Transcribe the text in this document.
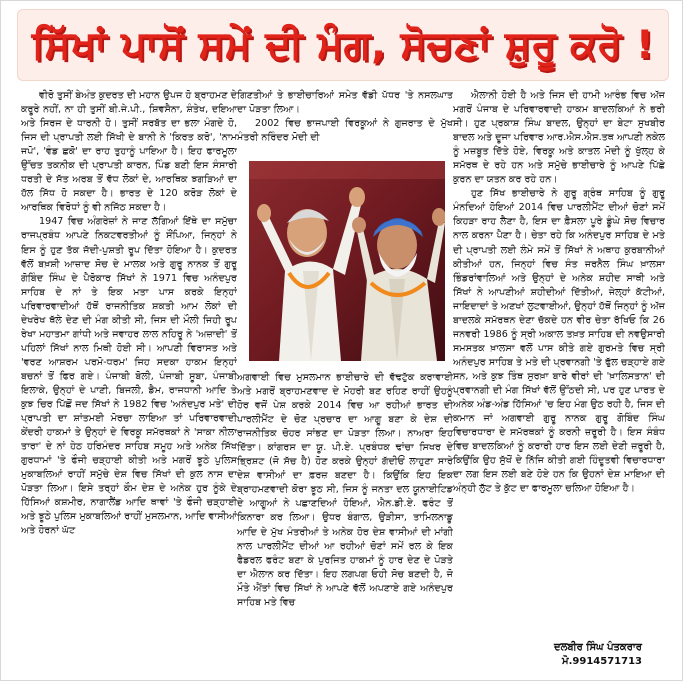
ਸਿੱਖਾਂ ਪਾਸੋਂ ਸਮੇਂ ਦੀ ਮੰਗ, ਸੋਚਣਾਂ ਸ਼ੁਰੂ ਕਰੋ !

ਵੀਰੋ ਤੁਸੀਂ ਬੇਅੰਤ ਕੁਦਰਤ ਦੀ ਮਹਾਨ ਉਪਜ ਹੋ ਬ੍ਰਾਹਮਣ ਦੇ ਕਰੂਰੇ ਨਹੀਂ, ਨਾ ਹੀ ਤੁਸੀਂ ਬੀ.ਜੇ.ਪੀ., ਸ਼ਿਵਸੈਨਾ, ਸ਼ੰਤੇਖ, ਦਇਆ ਅਤੇ ਸਿਰਜ ਦੇ ਧਾਰਨੀ ਹੋ। ਤੁਸੀਂ ਸਰਬੱਤ ਦਾ ਭਲਾ ਮੰਗਦੇ ਹੋ, ਜਿਸ ਦੀ ਪ੍ਰਾਪਤੀ ਲਈ ਸਿੱਖੀ ਦੇ ਬਾਨੀ ਨੇ 'ਕਿਰਤ ਕਰੋ', 'ਨਾਮ ਜਪੋ', 'ਵੰਡ ਛਕੋ' ਦਾ ਰਾਹ ਤੁਹਾਨੂੰ ਪਾਇਆ ਹੈ। ਇਹ ਫਾਰਮੂਲਾ ਉੱਚਤ ਤਕਨੀਕ ਦੀ ਪ੍ਰਾਪਤੀ ਕਾਰਨ, ਪਿੰਡ ਬਣੀ ਇਸ ਸੰਸਾਰੀ ਧਰਤੀ ਦੇ ਸੱਤ ਅਰਬ ਤੋਂ ਵੱਧ ਲੋਕਾਂ ਦੇ, ਆਰਥਿਕ ਝਗੜਿਆਂ ਦਾ ਹੱਲ ਸਿੱਧ ਹੋ ਸਕਦਾ ਹੈ। ਭਾਰਤ ਦੇ 120 ਕਰੋੜ ਲੋਕਾਂ ਦੇ ਆਰਥਿਕ ਵਿਰੋਧਾਂ ਨੂੰ ਵੀ ਨਜਿੱਠ ਸਕਦਾ ਹੈ।

1947 ਵਿਚ ਅੰਗਰੇਜ਼ਾਂ ਨੇ ਜਾਣ ਲੱਗਿਆਂ ਇੱਥੇ ਦਾ ਸਮੁੱਚਾ ਰਾਜਪ੍ਰਬੰਧ ਆਪਣੇ ਨਿਕਟਵਰਤੀਆਂ ਨੂੰ ਸੌਂਪਿਆ, ਜਿਨ੍ਹਾਂ ਨੇ ਇਸ ਨੂੰ ਹੁਣ ਤੱਕ ਜੱਦੀ-ਪੁਸ਼ਤੀ ਰੂਪ ਦਿੱਤਾ ਹੋਇਆ ਹੈ। ਕੁਦਰਤ ਵੱਲੋਂ ਬਖ਼ਸ਼ੀ ਆਜ਼ਾਦ ਸੋਚ ਦੇ ਮਾਲਕ ਅਤੇ ਗੁਰੂ ਨਾਨਕ ਤੋਂ ਗੁਰੂ ਗੋਬਿੰਦ ਸਿੰਘ ਦੇ ਪੈਰੋਕਾਰ ਸਿੱਖਾਂ ਨੇ 1971 ਵਿਚ ਅਨੰਦਪੁਰ ਸਾਹਿਬ ਦੇ ਨਾਂ ਤੇ ਇਕ ਮਤਾ ਪਾਸ ਕਰਕੇ ਇਨ੍ਹਾਂ ਪਰਿਵਾਰਵਾਦੀਆਂ ਹੱਥੋਂ ਰਾਜਨੀਤਿਕ ਸ਼ਕਤੀ ਆਮ ਲੋਕਾਂ ਦੀ ਦੇਖਰੇਖ ਥੱਲੇ ਦੇਣ ਦੀ ਮੰਗ ਕੀਤੀ ਸੀ, ਜਿਸ ਦੀ ਮੌਲੀ ਜਿਹੀ ਰੂਪ ਰੇਖਾ ਮਹਾਤਮਾ ਗਾਂਧੀ ਅਤੇ ਜਵਾਹਰ ਲਾਲ ਨਹਿਰੂ ਨੇ 'ਅਜ਼ਾਦੀ' ਤੋਂ ਪਹਿਲਾਂ ਸਿੱਖਾਂ ਨਾਲ ਮਿਥੀ ਹੋਈ ਸੀ। ਆਪਣੀ ਵਿਰਾਸਤ ਅਤੇ 'ਵਰਣ ਆਸ਼ਰਮ ਪਰਮੋ-ਧਰਮ' ਜਿਹ ਸਦਕਾ ਹਾਕਮ ਇਨ੍ਹਾਂ ਬਚਨਾਂ ਤੋਂ ਫਿਰ ਗਏ। ਪੰਜਾਬੀ ਬੋਲੀ, ਪੰਜਾਬੀ ਸੂਬਾ, ਪੰਜਾਬੀ ਇਲਾਕੇ, ਉਨ੍ਹਾਂ ਦੇ ਪਾਣੀ, ਬਿਜਲੀ, ਡੈਮ, ਰਾਜਧਾਨੀ ਆਦਿ ਤੇ ਕੁਝ ਚਿਰ ਪਿੱਛੋਂ ਜਦ ਸਿੱਖਾਂ ਨੇ 1982 ਵਿਚ 'ਅਨੰਦਪੁਰ ਮਤੇ' ਦੀ ਪ੍ਰਾਪਤੀ ਦਾ ਸ਼ਾਂਤਮਈ ਮੋਰਚਾ ਲਾਇਆ ਤਾਂ ਪਰਿਵਾਰਵਾਦੀ ਕੇਂਦਰੀ ਹਾਕਮਾਂ ਤੇ ਉਨ੍ਹਾਂ ਦੇ ਵਿਰਕੂ ਸਮੱਰਥਕਾਂ ਨੇ 'ਸਾਕਾ ਨੀਲਾ ਤਾਰਾ' ਦੇ ਨਾਂ ਹੇਠ ਹਰਿਮੰਦਰ ਸਾਹਿਬ ਸਮੂਹ ਅਤੇ ਅਨੇਕ ਸਿੱਖ ਗੁਰਧਾਮਾਂ 'ਤੇ ਫੌਜੀ ਚੜ੍ਹਾਈ ਕੀਤੀ ਅਤੇ ਮਗਰੋਂ ਝੂਠੇ ਪੁਲਿਸ ਮੁਕਾਬਲਿਆਂ ਰਾਹੀਂ ਸਮੁੱਚੇ ਦੇਸ਼ ਵਿਚ ਸਿੱਖਾਂ ਦੀ ਕੁਲ ਨਾਸ ਦਾ ਪੋੜਤਾ ਲਿਆ। ਇਸੇ ਤਰ੍ਹਾਂ ਕੌਮ ਦੇਸ਼ ਦੇ ਅਨੇਕ ਹੁਰ ਨੂੰਕੇ ਦੇ ਹਿੱਸਿਆਂ ਕਸ਼ਮੀਰ, ਨਾਗਾਲੈਂਡ ਆਦਿ ਥਾਵਾਂ 'ਤੇ ਫੌਜੀ ਚੜ੍ਹਾਈ ਅਤੇ ਝੂਠੇ ਪੁਲਿਸ ਮੁਕਾਬਲਿਆਂ ਰਾਹੀਂ ਮੁਸਲਮਾਨ, ਆਦਿ ਵਾਸੀਆਂ ਅਤੇ ਹੋਰਨਾਂ ਘੱਟ

ਗਿਣਤੀਆਂ ਤੇ ਭਾਈਚਾਰਿਆਂ ਸਮੇਤ ਵੱਡੀ ਪੱਧਰ 'ਤੇ ਨਸਲਘਾਤ ਦਾ ਪੋੜਤਾ ਲਿਆ।

2002 ਵਿਚ ਭਾਜਪਾਈ ਵਿਰਕੂਆਂ ਨੇ ਗੁਜਰਾਤ ਦੇ ਮੁੱਖ ਮੰਤਰੀ ਨਰਿੰਦਰ ਮੋਦੀ ਦੀ

ਅਗਵਾਈ ਵਿਚ ਮੁਸਲਮਾਨ ਭਾਈਚਾਰੇ ਦੀ ਵੱਢਟੁੱਕ ਕਰਾਵਾਈ ਅਤੇ ਮਗਰੋਂ ਬ੍ਰਾਹਮਣਵਾਦ ਦੇ ਮੋਹਰੀ ਬਣ ਰਹਿਣ ਰਾਹੀਂ ਉਹਨੂੰ ਹੋਰ ਵਜੋਂ ਪੇਸ਼ ਕਰਕੇ 2014 ਵਿਚ ਆ ਰਹੀਆਂ ਭਾਰਤ ਦੀ ਪਾਰਲੀਮੈਂਟ ਦੇ ਚੋਣ ਪ੍ਰਚਾਰ ਦਾ ਆਗੂ ਬਣਾ ਕੇ ਦੇਸ਼ ਦੀ ਰਾਜਨੀਤਿਕ ਚੋਹਰ ਸਾਂਭਣ ਦਾ ਪੋੜਤਾ ਲਿਆ। ਨਾਅਰਾ ਇਹ ਦਿੱਤਾ। ਕਾਂਗਰਸ ਦਾ ਯੂ. ਪੀ.ਏ. ਪ੍ਰਬੰਧਕ ਢਾਂਚਾ ਸਿਖਰ ਦੇ ਭ੍ਰਿਸ਼ਟ (ਜੋ ਸੱਚ ਹੈ) ਹੋਣ ਕਰਕੇ ਉਨ੍ਹਾਂ ਗੱਦੀਓਂ ਲਾਹੁਣਾ ਸਾਰੇ ਦੇਸ਼ ਵਾਸੀਆਂ ਦਾ ਫ਼ਰਜ਼ ਬਣਦਾ ਹੈ। ਕਿਉਂਕਿ ਇਹ ਇਕ ਬ੍ਰਾਹਮਣਵਾਦੀ ਕੋਰਾ ਝੂਠ ਸੀ, ਜਿਸ ਨੂੰ ਜਨਤਾ ਦਲ ਯੂਨਾਈਟਿਡ ਦੇ ਆਗੂਆਂ ਨੇ ਪਛਾਣਦਿਆਂ ਹੋਇਆਂ, ਐਨ.ਡੀ.ਏ. ਫਰੰਟ ਤੋਂ ਕਿਨਾਰਾ ਕਰ ਲਿਆ। ਉਧਰ ਬੰਗਾਲ, ਉੜੀਸਾ, ਤਾਮਿਲਨਾਡੂ ਆਦਿ ਦੇ ਮੁੱਖ ਮੰਤਰੀਆਂ ਤੇ ਅਨੇਕ ਹੋਰ ਦੇਸ਼ ਵਾਸੀਆਂ ਦੀ ਮਾਂਗੀ ਨਾਲ ਪਾਰਲੀਮੈਂਟ ਦੀਆਂ ਆ ਰਹੀਆਂ ਚੋਣਾਂ ਸਮੇਂ ਰਲ ਕੇ ਇਕ ਫੈਡਰਲ ਫਰੰਟ ਬਣਾ ਕੇ ਪੁਰਜਿਤ ਹਾਕਮਾਂ ਨੂੰ ਹਾਰ ਦੇਣ ਦੇ ਪੋੜਤੇ ਦਾ ਐਲਾਨ ਕਰ ਦਿੱਤਾ। ਇਹ ਲਗਪਗ ਓਹੀ ਸੋਚ ਬਣਦੀ ਹੈ, ਜੋ ਮੌਤੇ ਐਂਤਾਂ ਵਿਚ ਸਿੱਖਾਂ ਨੇ ਆਪਣੇ ਵੱਲੋਂ ਅਪਣਾਏ ਗਏ ਅਨੰਦਪੁਰ ਸਾਹਿਬ ਮਤੇ ਵਿਚ

ਐਲਾਨੀ ਹੋਈ ਹੈ ਅਤੇ ਜਿਸ ਦੀ ਹਾਮੀ ਆਰੰਭ ਵਿਚ ਅੱਜ ਮਗਰੋਂ ਪੰਜਾਬ ਦੇ ਪਰਿਵਾਰਵਾਦੀ ਹਾਕਮ ਬਾਦਲਕਿਆਂ ਨੇ ਭਰੀ ਸੀ। ਹੁਣ ਪ੍ਰਕਾਸ਼ ਸਿੰਘ ਬਾਦਲ, ਉਨ੍ਹਾਂ ਦਾ ਬੇਟਾ ਸੁਖਬੀਰ ਬਾਦਲ ਅਤੇ ਦੂਜਾ ਪਰਿਵਾਰ ਆਰ.ਐਸ.ਐਸ.ਤਥ ਆਪਣੀ ਨਕੇਲ ਨੂੰ ਮਜ਼ਬੂਤ ਦਿੱਤੇ ਹੋਏ, ਵਿਰਕੂ ਅਤੇ ਕਾਤਲ ਮੋਦੀ ਨੂੰ ਖੁੱਲ੍ਹ ਕੇ ਸਮੱਰਥ ਦੇ ਰਹੇ ਹਨ ਅਤੇ ਸਮੁੱਚੇ ਭਾਈਚਾਰੇ ਨੂੰ ਆਪਣੇ ਪਿੱਛੇ ਕੁਰਨ ਦਾ ਯਤਨ ਕਰ ਰਹੇ ਹਨ।

ਹੁਣ ਸਿੱਖ ਭਾਈਚਾਰੇ ਨੇ ਗੁਰੂ ਗ੍ਰੰਥ ਸਾਹਿਬ ਨੂੰ ਗੁਰੂ ਮੰਨਦਿਆਂ ਹੋਇਆਂ 2014 ਵਿਚ ਪਾਰਲੀਮੈਂਟ ਦੀਆਂ ਚੋਣਾਂ ਸਮੇਂ ਕਿਹੜਾ ਰਾਹ ਲੈਣਾ ਹੈ, ਇਸ ਦਾ ਫ਼ੈਸਲਾ ਪੂਰੇ ਡੂੰਘੇ ਸੋਚ ਵਿਚਾਰ ਨਾਲ ਕਰਨਾ ਪੈਣਾ ਹੈ। ਚੇਤਾ ਰਹੇ ਕਿ ਅਨੰਦਪੁਰ ਸਾਹਿਬ ਦੇ ਮਤੇ ਦੀ ਪ੍ਰਾਪਤੀ ਲਈ ਲੰਮੇ ਸਮੇਂ ਤੋਂ ਸਿੱਖਾਂ ਨੇ ਅਥਾਹ ਕੁਰਬਾਨੀਆਂ ਕੀਤੀਆਂ ਹਨ, ਜਿਨ੍ਹਾਂ ਵਿਚ ਸੰਤ ਜਰਨੈਲ ਸਿੰਘ ਖ਼ਾਲਸਾ ਭਿੰਡਰਾਂਵਾਲਿਆਂ ਅਤੇ ਉਨ੍ਹਾਂ ਦੇ ਅਨੇਕ ਸ਼ਹੀਦ ਸਾਥੀ ਅਤੇ ਸਿੱਖਾਂ ਨੇ ਆਪਣੀਆਂ ਸ਼ਹੀਦੀਆਂ ਦਿੱਤੀਆਂ, ਜੇਲ੍ਹਾਂ ਕੱਟੀਆਂ, ਜਾਇਦਾਦਾਂ ਤੇ ਅਣਖਾਂ ਲੁਟਵਾਈਆਂ, ਉਨ੍ਹਾਂ ਹੱਥੋਂ ਜਿਨ੍ਹਾਂ ਨੂੰ ਅੱਜ ਬਾਦਲਕੇ ਸਮੱਰਥਨ ਦੇਣਾ ਚੱਕਦੇ ਹਨ ਵੀਰ ਚੇਤਾ ਰੱਖਿਓ ਕਿ 26 ਜਨਵਰੀ 1986 ਨੂੰ ਸ੍ਰੀ ਅਕਾਲ ਤਖ਼ਤ ਸਾਹਿਬ ਦੀ ਨਵਉਸਾਰੀ ਸਮਸਤਕ ਖ਼ਾਲਸਾ ਵਲੋਂ ਪਾਸ ਕੀਤੇ ਗਏ ਗੁਰਮਤੇ ਵਿਚ ਸ੍ਰੀ ਅਨੰਦਪੁਰ ਸਾਹਿਬ ਤੇ ਮਤੇ ਦੀ ਪ੍ਰਵਾਨਗੀ 'ਤੇ ਫੁੱਲ ਚੜ੍ਹਾਏ ਗਏ ਸਨ, ਅਤੇ ਕੁਝ ਤਿੰਥ ਸੁਰਖ਼ਾ ਬਾਰੇ ਵੀਰਾਂ ਦੀ 'ਖ਼ਾਲਿਸਤਾਨ' ਦੀ ਪ੍ਰਵਾਨਗੀ ਦੀ ਮੰਗ ਸਿੱਖਾਂ ਵੱਲੋਂ ਉੱਠਦੀ ਸੀ, ਪਰ ਹੁਣ ਪਾਰਤ ਦੇ ਅਨੇਕ ਅੰਡ-ਅੰਡ ਹਿੱਸਿਆਂ 'ਚ ਇਹ ਮੰਗ ਉਠ ਰਹੀ ਹੈ, ਜਿਸ ਦੀ ਕਮਾਨ ਜਾਂ ਅਗਵਾਈ ਗੁਰੂ ਨਾਨਕ ਗੁਰੂ ਗੋਬਿੰਦ ਸਿੰਘ ਵਿਚਾਰਧਾਰਾ ਦੇ ਸਮੱਰਥਕਾਂ ਨੂੰ ਕਰਨੀ ਜ਼ਰੂਰੀ ਹੈ। ਇਸ ਸੰਬੰਧ ਵਿਚ ਬਾਦਲਕਿਆਂ ਨੂੰ ਕਰਾਰੀ ਹਾਰ ਇਸ ਲਈ ਦੇਣੀ ਜ਼ਰੂਰੀ ਹੈ, ਕਿਉਂਕਿ ਉਹ ਸੁੱਖੋਂ ਦੇ ਨਿੱਜਿ ਕੀਤੀ ਗਈ ਹਿੰਦੂਤਵੀ ਵਿਚਾਰਧਾਰਾ ਦਾ ਲਗ ਇਸ ਲਈ ਬਣੇ ਹੋਏ ਹਨ ਕਿ ਉਹਨਾਂ ਦੇਸ਼ ਮਾਇਆ ਦੀ ਅੰਨ੍ਹੀ ਲੁੱਟ ਤੇ ਕੁੱਟ ਦਾ ਫਾਰਮੂਲਾ ਚਲਿਆ ਹੋਇਆ ਹੈ।

ਦਲਬੀਰ ਸਿੰਘ ਪੰਤਕਰਾਰ
ਮੋ.9914571713
